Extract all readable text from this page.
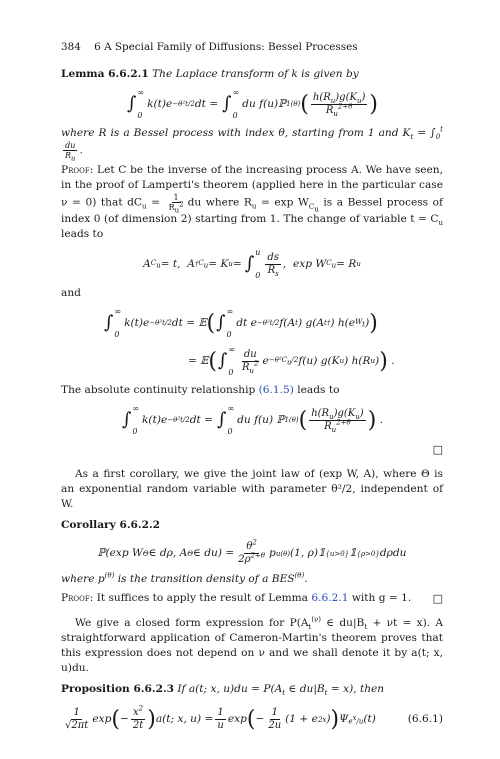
384 6 A Special Family of Diffusions: Bessel Processes

Lemma 6.6.2.1 The Laplace transform of k is given by

∫
∞
0
k(t)e −θ²t/2 dt = ∫
∞
0
du f(u)ℙ 1 (θ) ( $\frac{h(R_u)g(K_u)}{R_u^{2+\theta}}$ )

where R is a Bessel process with index θ, starting from 1 and $K_t = \int_0^t$
$\frac{du}{R_u}$ .

Proof: Let C be the inverse of the increasing process A. We have seen, in the proof of Lamperti's theorem (applied here in the particular case ν = 0) that $dC_u = \frac{1}{R_u^2}$ du where $R_u = \exp W_{C_u}$ is a Bessel process of index 0 (of dimension 2) starting from 1. The change of variable $t = C_u$ leads to

A $C_u = t$,  A † $C_u = K$ u = ∫
u
$0 \frac{ds}{R_s}$ ,  exp W $C_u = R$ u

and

∫
∞
0
k(t)e −θ²t/2 dt = 𝔼 ( ∫
∞
0
dt e −θ²t/2 f(A t ) g(A t † ) h(e $W_t$ ) )
= 𝔼 ( ∫
∞
$0 \frac{du}{R_u^2}$ $e -\theta^2C_u/2$ f(u) g(K u ) h(R u ) ) .

The absolute continuity relationship (6.1.5) leads to

∫
∞
0
k(t)e −θ²t/2 dt = ∫
∞
0
du f(u) ℙ 1 (θ) ( $\frac{h(R_u)g(K_u)}{R_u^{2+\theta}}$ ) .
□

As a first corollary, we give the joint law of (exp W, A), where Θ is an exponential random variable with parameter θ²/2, independent of W.

Corollary 6.6.2.2

ℙ(exp W Θ ∈ dρ, A Θ ∈ $du) = \frac{\theta^2}{2\rho^{2+\theta}}$ p u (θ) (1, ρ)𝟙 {u>0} 𝟙 {ρ>0} dρdu

where $p^{(\theta)}$ is the transition density of a $BES^{(\theta)}$.

Proof: It suffices to apply the result of Lemma 6.6.2.1 with g = 1.	□

We give a closed form expression for $P(A_t^{(\nu)}$ ∈ $du|B_t + \nu t = x$). A straightforward application of Cameron-Martin's theorem proves that this expression does not depend on ν and we shall denote it by a(t; x, u)du.

Proposition 6.6.2.3 If a(t; x, $u)du = P(A_t$ ∈ $du|B_t = x$), then

$\frac{1}{√2\pi t}$ exp ( − $\frac{x^2}{2t}$ ) a(t; x, $u) = \frac{1}{u}$ exp ( − $\frac{1}{2u} (1 + e$ 2x ) ) Ψ $e^x/u$ (t)	(6.6.1)
